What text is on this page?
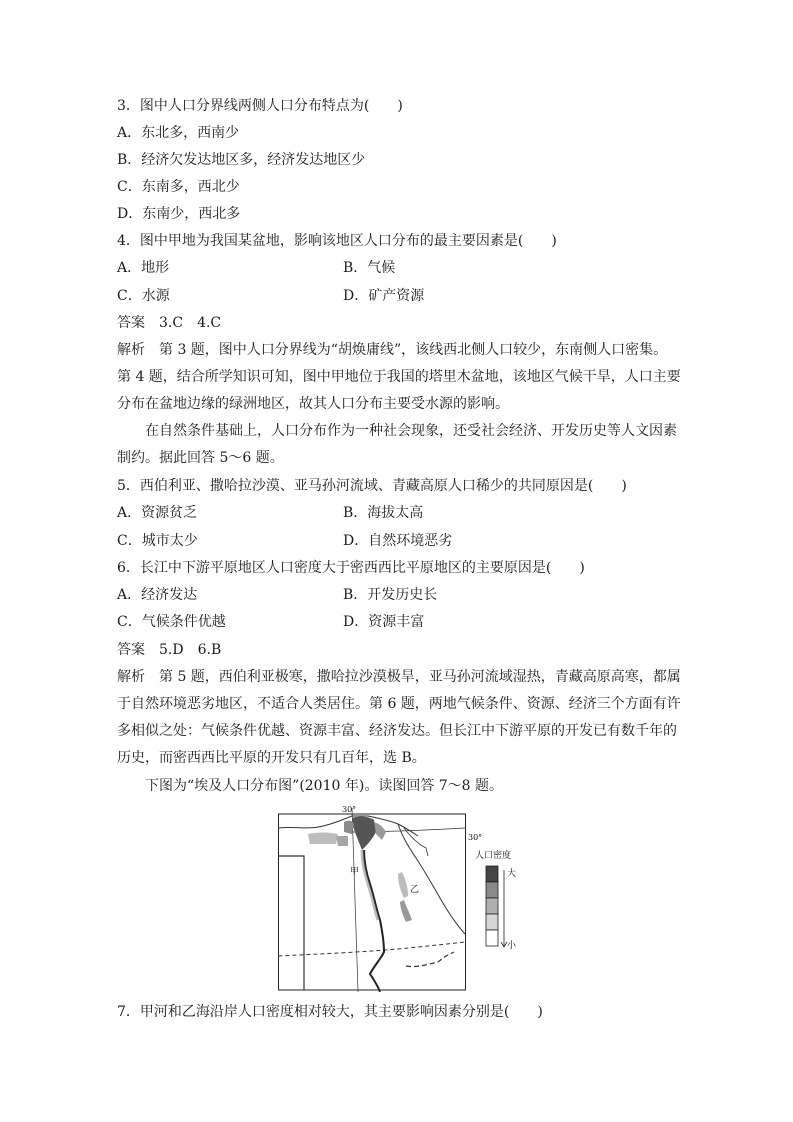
3．图中人口分界线两侧人口分布特点为(　　)
A．东北多，西南少
B．经济欠发达地区多，经济发达地区少
C．东南多，西北少
D．东南少，西北多
4．图中甲地为我国某盆地，影响该地区人口分布的最主要因素是(　　)
A．地形	B．气候
C．水源	D．矿产资源
答案　3.C　4.C
解析　第 3 题，图中人口分界线为“胡焕庸线”，该线西北侧人口较少，东南侧人口密集。
第 4 题，结合所学知识可知，图中甲地位于我国的塔里木盆地，该地区气候干旱，人口主要
分布在盆地边缘的绿洲地区，故其人口分布主要受水源的影响。
在自然条件基础上，人口分布作为一种社会现象，还受社会经济、开发历史等人文因素
制约。据此回答 5～6 题。
5．西伯利亚、撒哈拉沙漠、亚马孙河流域、青藏高原人口稀少的共同原因是(　　)
A．资源贫乏	B．海拔太高
C．城市太少	D．自然环境恶劣
6．长江中下游平原地区人口密度大于密西西比平原地区的主要原因是(　　)
A．经济发达	B．开发历史长
C．气候条件优越	D．资源丰富
答案　5.D　6.B
解析　第 5 题，西伯利亚极寒，撒哈拉沙漠极旱，亚马孙河流域湿热，青藏高原高寒，都属
于自然环境恶劣地区，不适合人类居住。第 6 题，两地气候条件、资源、经济三个方面有许
多相似之处：气候条件优越、资源丰富、经济发达。但长江中下游平原的开发已有数千年的
历史，而密西西比平原的开发只有几百年，选 B。
下图为“埃及人口分布图”(2010 年)。读图回答 7～8 题。
甲
乙
30°
30°
人口密度
大
小
7．甲河和乙海沿岸人口密度相对较大，其主要影响因素分别是(　　)
